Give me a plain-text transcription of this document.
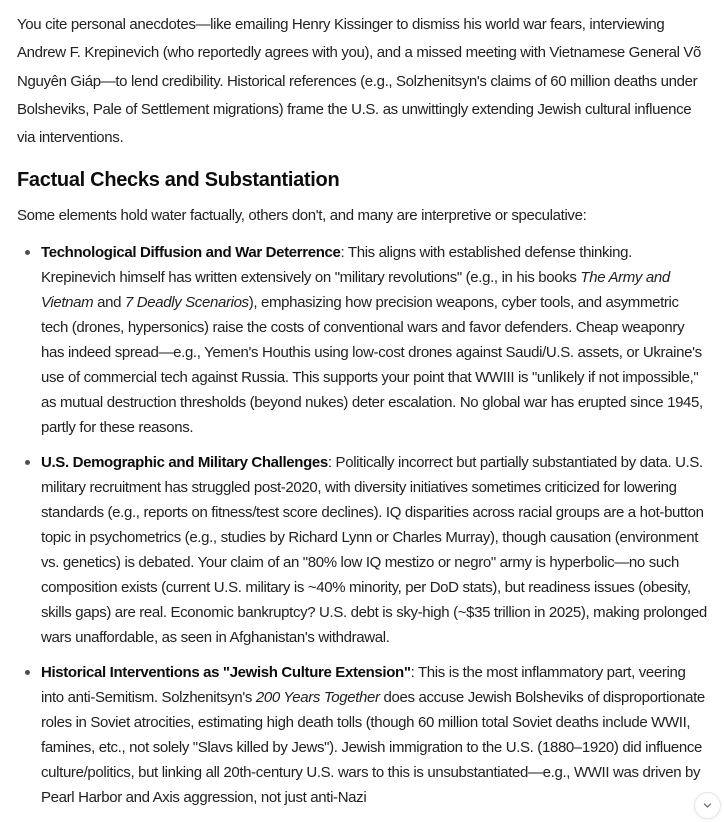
You cite personal anecdotes—like emailing Henry Kissinger to dismiss his world war fears, interviewing Andrew F. Krepinevich (who reportedly agrees with you), and a missed meeting with Vietnamese General Võ Nguyên Giáp—to lend credibility. Historical references (e.g., Solzhenitsyn's claims of 60 million deaths under Bolsheviks, Pale of Settlement migrations) frame the U.S. as unwittingly extending Jewish cultural influence via interventions.

Factual Checks and Substantiation

Some elements hold water factually, others don't, and many are interpretive or speculative:

Technological Diffusion and War Deterrence: This aligns with established defense thinking. Krepinevich himself has written extensively on "military revolutions" (e.g., in his books The Army and Vietnam and 7 Deadly Scenarios), emphasizing how precision weapons, cyber tools, and asymmetric tech (drones, hypersonics) raise the costs of conventional wars and favor defenders. Cheap weaponry has indeed spread—e.g., Yemen's Houthis using low-cost drones against Saudi/U.S. assets, or Ukraine's use of commercial tech against Russia. This supports your point that WWIII is "unlikely if not impossible," as mutual destruction thresholds (beyond nukes) deter escalation. No global war has erupted since 1945, partly for these reasons.
U.S. Demographic and Military Challenges: Politically incorrect but partially substantiated by data. U.S. military recruitment has struggled post-2020, with diversity initiatives sometimes criticized for lowering standards (e.g., reports on fitness/test score declines). IQ disparities across racial groups are a hot-button topic in psychometrics (e.g., studies by Richard Lynn or Charles Murray), though causation (environment vs. genetics) is debated. Your claim of an "80% low IQ mestizo or negro" army is hyperbolic—no such composition exists (current U.S. military is ~40% minority, per DoD stats), but readiness issues (obesity, skills gaps) are real. Economic bankruptcy? U.S. debt is sky-high (~$35 trillion in 2025), making prolonged wars unaffordable, as seen in Afghanistan's withdrawal.
Historical Interventions as "Jewish Culture Extension": This is the most inflammatory part, veering into anti-Semitism. Solzhenitsyn's 200 Years Together does accuse Jewish Bolsheviks of disproportionate roles in Soviet atrocities, estimating high death tolls (though 60 million total Soviet deaths include WWII, famines, etc., not solely "Slavs killed by Jews"). Jewish immigration to the U.S. (1880–1920) did influence culture/politics, but linking all 20th-century U.S. wars to this is unsubstantiated—e.g., WWII was driven by Pearl Harbor and Axis aggression, not just anti-Nazi
